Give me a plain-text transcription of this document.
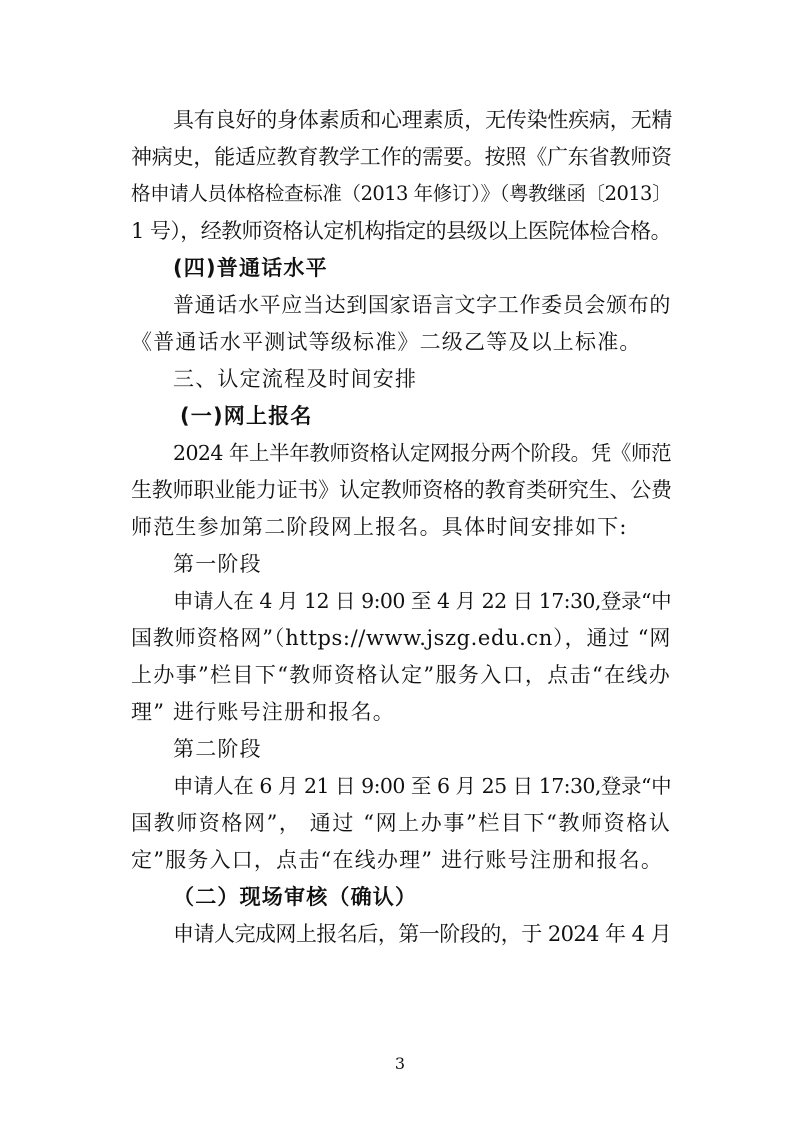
具有良好的身体素质和心理素质，无传染性疾病，无精
神病史，能适应教育教学工作的需要。按照《广东省教师资
格申请人员体格检查标准（2013 年修订）》（粤教继函〔2013〕
1 号），经教师资格认定机构指定的县级以上医院体检合格。
(四)普通话水平
普通话水平应当达到国家语言文字工作委员会颁布的
《普通话水平测试等级标准》二级乙等及以上标准。
三、认定流程及时间安排
(一)网上报名
2024 年上半年教师资格认定网报分两个阶段。凭《师范
生教师职业能力证书》认定教师资格的教育类研究生、公费
师范生参加第二阶段网上报名。具体时间安排如下:
第一阶段
申请人在 4 月 12 日 9:00 至 4 月 22 日 17:30,登录“中
国教师资格网”（https://www.jszg.edu.cn），通过 “网
上办事”栏目下“教师资格认定”服务入口，点击“在线办
理” 进行账号注册和报名。
第二阶段
申请人在 6 月 21 日 9:00 至 6 月 25 日 17:30,登录“中
国教师资格网”， 通过 “网上办事”栏目下“教师资格认
定”服务入口，点击“在线办理” 进行账号注册和报名。
（二）现场审核（确认）
申请人完成网上报名后，第一阶段的，于 2024 年 4 月
3
